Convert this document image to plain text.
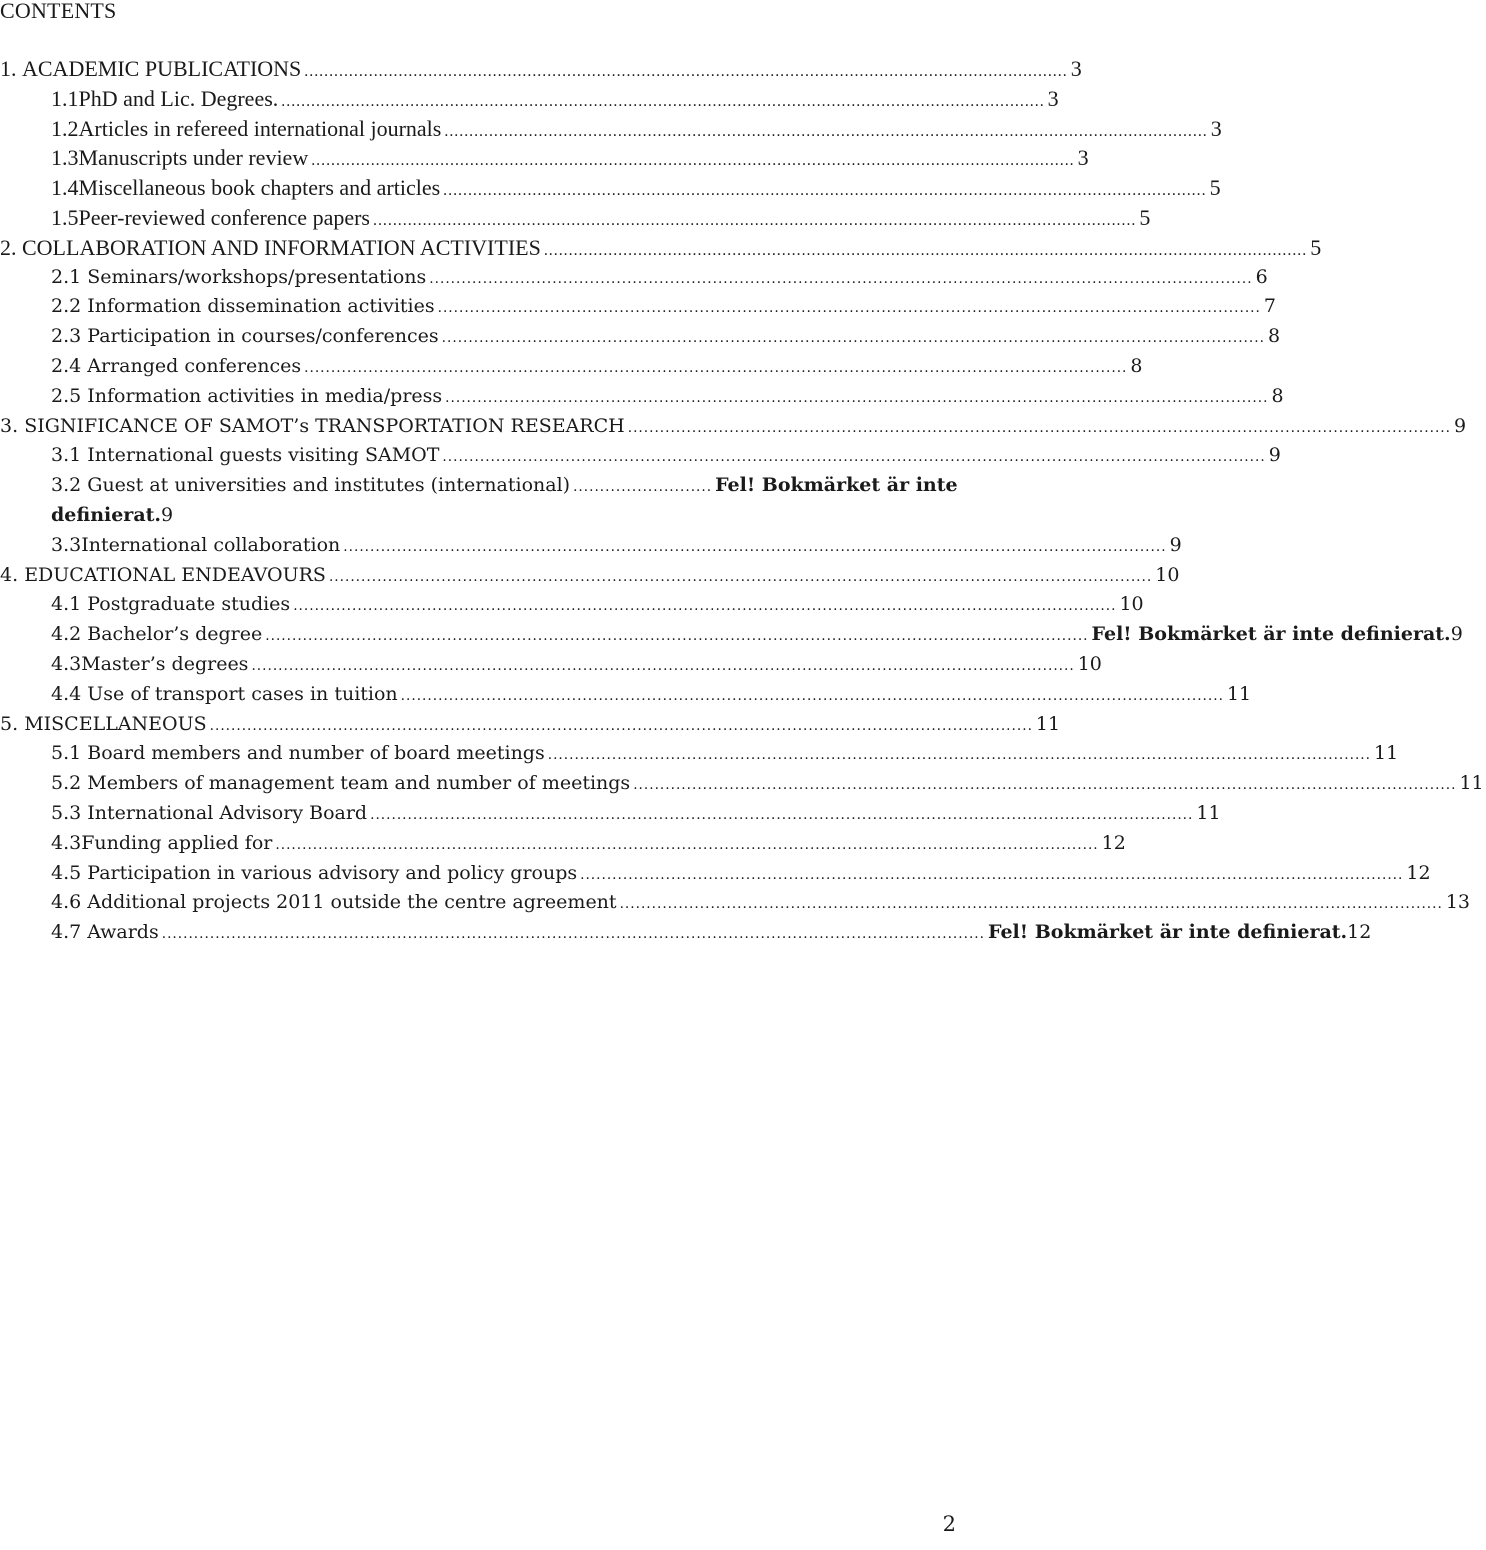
CONTENTS
1.
ACADEMIC PUBLICATIONS .......................................................................................................................................................... 3
1.1 PhD and Lic. Degrees. .......................................................................................................................................................... 3
1.2 Articles in refereed international journals .......................................................................................................................................................... 3
1.3 Manuscripts under review .......................................................................................................................................................... 3
1.4 Miscellaneous book chapters and articles .......................................................................................................................................................... 5
1.5 Peer-reviewed conference papers .......................................................................................................................................................... 5
2.
COLLABORATION AND INFORMATION ACTIVITIES .......................................................................................................................................................... 5
2.1
Seminars/workshops/presentations .......................................................................................................................................................... 6
2.2
Information dissemination activities .......................................................................................................................................................... 7
2.3
Participation in courses/conferences .......................................................................................................................................................... 8
2.4
Arranged conferences .......................................................................................................................................................... 8
2.5
Information activities in media/press .......................................................................................................................................................... 8
3.
SIGNIFICANCE OF SAMOT’s TRANSPORTATION RESEARCH .......................................................................................................................................................... 9
3.1
International guests visiting SAMOT .......................................................................................................................................................... 9
3.2
Guest at universities and institutes (international) .......................... Fel! Bokmärket är inte
definierat.9
3.3 International collaboration .......................................................................................................................................................... 9
4.
EDUCATIONAL ENDEAVOURS .......................................................................................................................................................... 10
4.1
Postgraduate studies .......................................................................................................................................................... 10
4.2
Bachelor’s degree .......................................................................................................................................................... Fel! Bokmärket är inte definierat. 9
4.3 Master’s degrees .......................................................................................................................................................... 10
4.4
Use of transport cases in tuition .......................................................................................................................................................... 11
5.
MISCELLANEOUS .......................................................................................................................................................... 11
5.1
Board members and number of board meetings .......................................................................................................................................................... 11
5.2
Members of management team and number of meetings .......................................................................................................................................................... 11
5.3
International Advisory Board .......................................................................................................................................................... 11
4.3 Funding applied for .......................................................................................................................................................... 12
4.5
Participation in various advisory and policy groups .......................................................................................................................................................... 12
4.6
Additional projects 2011 outside the centre agreement .......................................................................................................................................................... 13
4.7
Awards .......................................................................................................................................................... Fel! Bokmärket är inte definierat. 12
2
